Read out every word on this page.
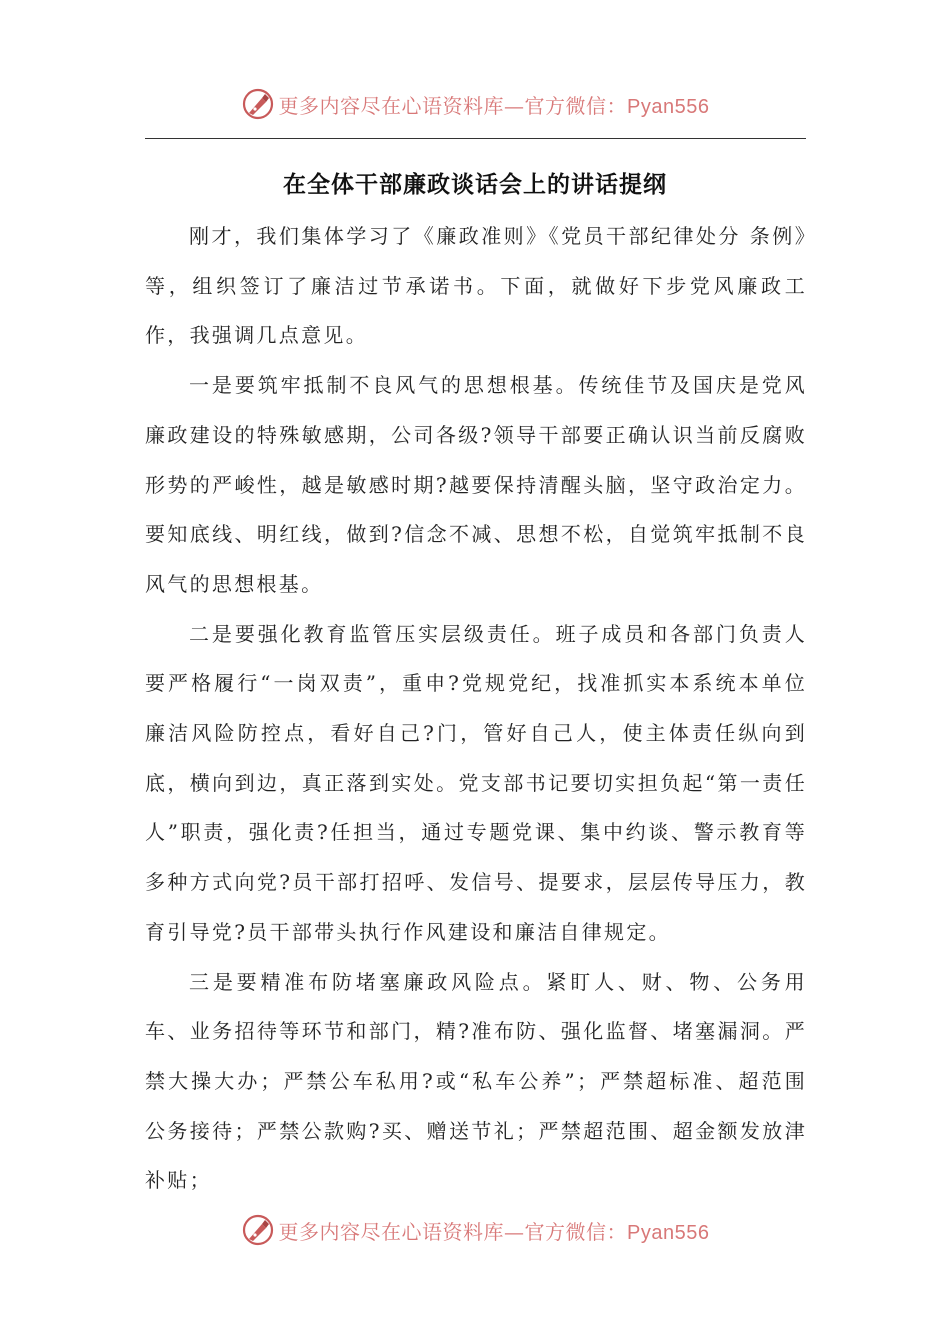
更多内容尽在心语资料库—官方微信：Pyan556
在全体干部廉政谈话会上的讲话提纲

刚才，我们集体学习了《廉政准则》《党员干部纪律处分 条例》等，组织签订了廉洁过节承诺书。下面，就做好下步党风廉政工作，我强调几点意见。

一是要筑牢抵制不良风气的思想根基。传统佳节及国庆是党风廉政建设的特殊敏感期，公司各级?领导干部要正确认识当前反腐败形势的严峻性，越是敏感时期?越要保持清醒头脑，坚守政治定力。要知底线、明红线，做到?信念不减、思想不松，自觉筑牢抵制不良风气的思想根基。

二是要强化教育监管压实层级责任。班子成员和各部门负责人要严格履行“一岗双责”，重申?党规党纪，找准抓实本系统本单位廉洁风险防控点，看好自己?门，管好自己人，使主体责任纵向到底，横向到边，真正落到实处。党支部书记要切实担负起“第一责任人”职责，强化责?任担当，通过专题党课、集中约谈、警示教育等多种方式向党?员干部打招呼、发信号、提要求，层层传导压力，教育引导党?员干部带头执行作风建设和廉洁自律规定。

三是要精准布防堵塞廉政风险点。紧盯人、财、物、公务用车、业务招待等环节和部门，精?准布防、强化监督、堵塞漏洞。严禁大操大办；严禁公车私用?或“私车公养”；严禁超标准、超范围公务接待；严禁公款购?买、赠送节礼；严禁超范围、超金额发放津补贴；

更多内容尽在心语资料库—官方微信：Pyan556
